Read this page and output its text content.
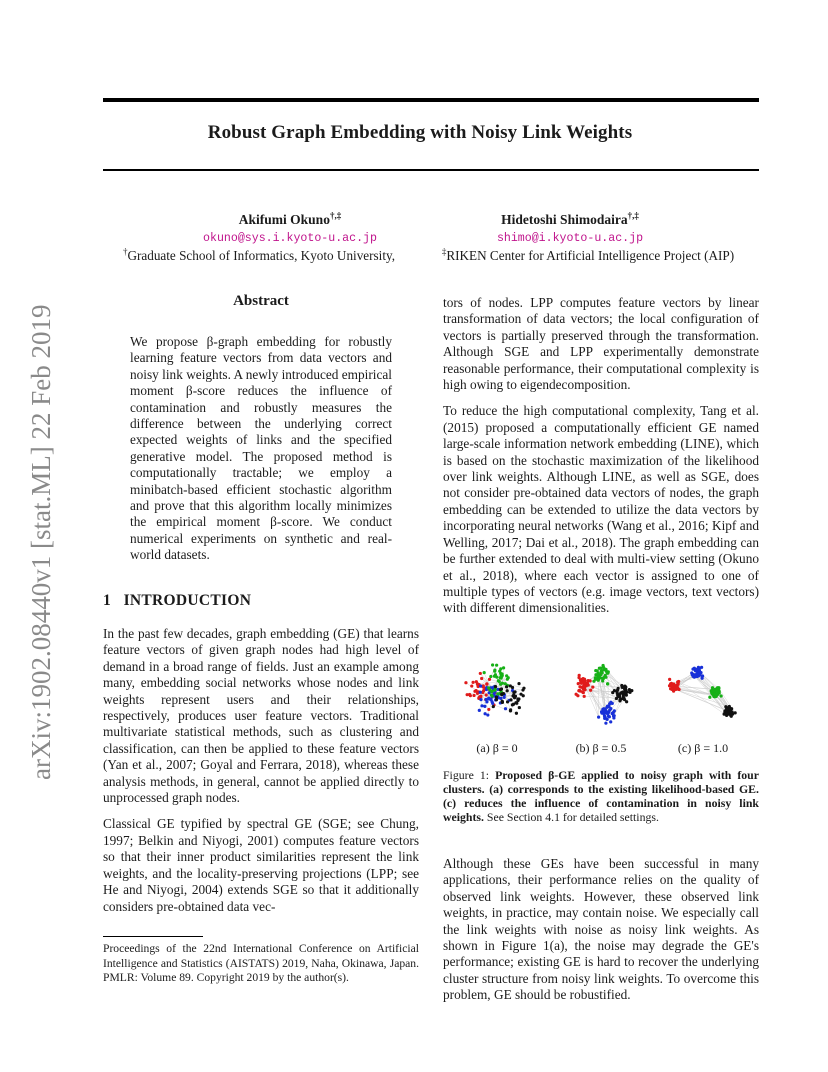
arXiv:1902.08440v1 [stat.ML] 22 Feb 2019
Robust Graph Embedding with Noisy Link Weights
Akifumi Okuno†,‡
okuno@sys.i.kyoto-u.ac.jp
Hidetoshi Shimodaira†,‡
shimo@i.kyoto-u.ac.jp
†Graduate School of Informatics, Kyoto University,	‡RIKEN Center for Artificial Intelligence Project (AIP)
Abstract
We propose β-graph embedding for robustly learning feature vectors from data vectors and noisy link weights. A newly introduced empirical moment β-score reduces the influence of contamination and robustly measures the difference between the underlying correct expected weights of links and the specified generative model. The proposed method is computationally tractable; we employ a minibatch-based efficient stochastic algorithm and prove that this algorithm locally minimizes the empirical moment β-score. We conduct numerical experiments on synthetic and real-world datasets.
1   INTRODUCTION

In the past few decades, graph embedding (GE) that learns feature vectors of given graph nodes had high level of demand in a broad range of fields. Just an example among many, embedding social networks whose nodes and link weights represent users and their relationships, respectively, produces user feature vectors. Traditional multivariate statistical methods, such as clustering and classification, can then be applied to these feature vectors (Yan et al., 2007; Goyal and Ferrara, 2018), whereas these analysis methods, in general, cannot be applied directly to unprocessed graph nodes.

Classical GE typified by spectral GE (SGE; see Chung, 1997; Belkin and Niyogi, 2001) computes feature vectors so that their inner product similarities represent the link weights, and the locality-preserving projections (LPP; see He and Niyogi, 2004) extends SGE so that it additionally considers pre-obtained data vec-

Proceedings of the 22nd International Conference on Artificial Intelligence and Statistics (AISTATS) 2019, Naha, Okinawa, Japan. PMLR: Volume 89. Copyright 2019 by the author(s).

tors of nodes. LPP computes feature vectors by linear transformation of data vectors; the local configuration of vectors is partially preserved through the transformation. Although SGE and LPP experimentally demonstrate reasonable performance, their computational complexity is high owing to eigendecomposition.

To reduce the high computational complexity, Tang et al. (2015) proposed a computationally efficient GE named large-scale information network embedding (LINE), which is based on the stochastic maximization of the likelihood over link weights. Although LINE, as well as SGE, does not consider pre-obtained data vectors of nodes, the graph embedding can be extended to utilize the data vectors by incorporating neural networks (Wang et al., 2016; Kipf and Welling, 2017; Dai et al., 2018). The graph embedding can be further extended to deal with multi-view setting (Okuno et al., 2018), where each vector is assigned to one of multiple types of vectors (e.g. image vectors, text vectors) with different dimensionalities.

(a) β = 0	(b) β = 0.5	(c) β = 1.0
Figure 1: Proposed β-GE applied to noisy graph with four clusters. (a) corresponds to the existing likelihood-based GE. (c) reduces the influence of contamination in noisy link weights. See Section 4.1 for detailed settings.

Although these GEs have been successful in many applications, their performance relies on the quality of observed link weights. However, these observed link weights, in practice, may contain noise. We especially call the link weights with noise as noisy link weights. As shown in Figure 1(a), the noise may degrade the GE's performance; existing GE is hard to recover the underlying cluster structure from noisy link weights. To overcome this problem, GE should be robustified.
